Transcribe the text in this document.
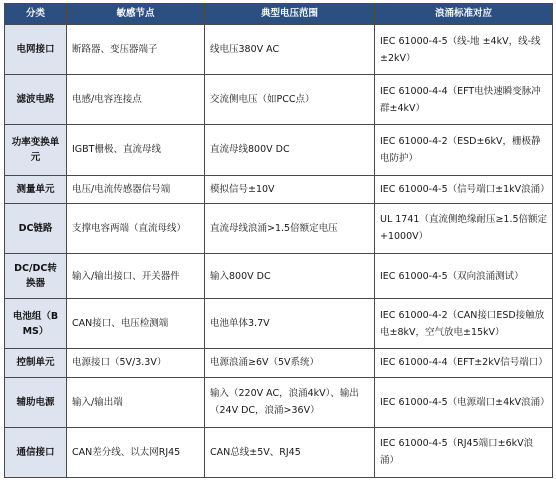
分类	敏感节点	典型电压范围	浪涌标准对应
电网接口	断路器、变压器端子	线电压380V AC	IEC 61000-4-5（线-地 ±4kV，线-线 ±2kV）
滤波电路	电感/电容连接点	交流侧电压（如PCC点）	IEC 61000-4-4（EFT电快速瞬变脉冲群±4kV）
功率变换单元	IGBT栅极、直流母线	直流母线800V DC	IEC 61000-4-2（ESD±6kV，栅极静电防护）
测量单元	电压/电流传感器信号端	模拟信号±10V	IEC 61000-4-5（信号端口±1kV浪涌）
DC链路	支撑电容两端（直流母线）	直流母线浪涌>1.5倍额定电压	UL 1741（直流侧绝缘耐压≥1.5倍额定+1000V）
DC/DC转换器	输入/输出接口、开关器件	输入800V DC	IEC 61000-4-5（双向浪涌测试）
电池组（BMS）	CAN接口、电压检测端	电池单体3.7V	IEC 61000-4-2（CAN接口ESD接触放电±8kV，空气放电±15kV）
控制单元	电源接口（5V/3.3V）	电源浪涌≥6V（5V系统）	IEC 61000-4-4（EFT±2kV信号端口）
辅助电源	输入/输出端	输入（220V AC，浪涌4kV）、输出（24V DC，浪涌>36V）	IEC 61000-4-5（电源端口±4kV浪涌）
通信接口	CAN差分线、以太网RJ45	CAN总线±5V、RJ45	IEC 61000-4-5（RJ45端口±6kV浪涌）
